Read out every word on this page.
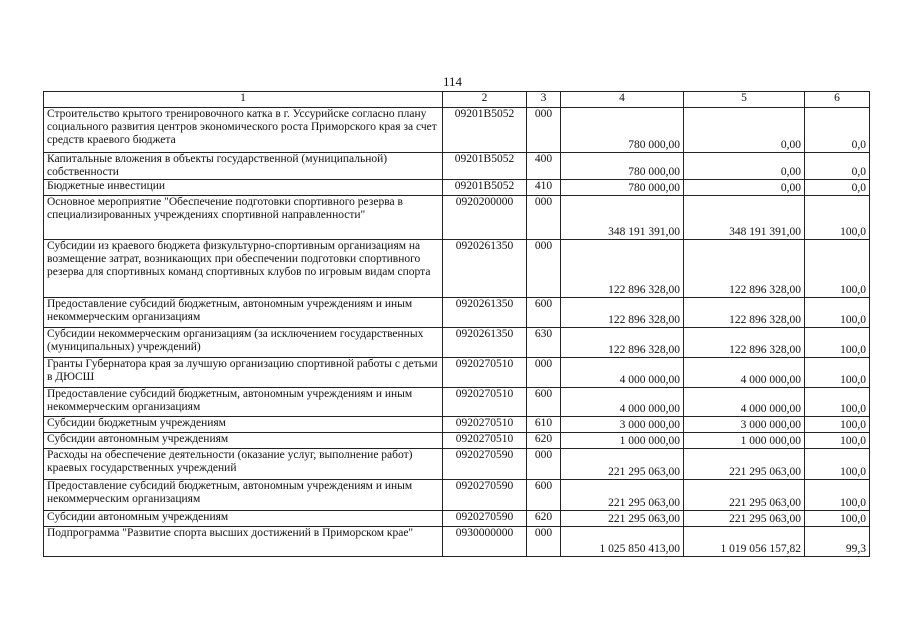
114
1	2	3	4	5	6
Строительство крытого тренировочного катка в г. Уссурийске согласно плану социального развития центров экономического роста Приморского края за счет средств краевого бюджета	09201B5052	000	780 000,00	0,00	0,0
Капитальные вложения в объекты государственной (муниципальной) собственности	09201B5052	400	780 000,00	0,00	0,0
Бюджетные инвестиции	09201B5052	410	780 000,00	0,00	0,0
Основное мероприятие "Обеспечение подготовки спортивного резерва в специализированных учреждениях спортивной направленности"	0920200000	000	348 191 391,00	348 191 391,00	100,0
Субсидии из краевого бюджета физкультурно-спортивным организациям на возмещение затрат, возникающих при обеспечении подготовки спортивного резерва для спортивных команд спортивных клубов по игровым видам спорта	0920261350	000	122 896 328,00	122 896 328,00	100,0
Предоставление субсидий бюджетным, автономным учреждениям и иным некоммерческим организациям	0920261350	600	122 896 328,00	122 896 328,00	100,0
Субсидии некоммерческим организациям (за исключением государственных (муниципальных) учреждений)	0920261350	630	122 896 328,00	122 896 328,00	100,0
Гранты Губернатора края за лучшую организацию спортивной работы с детьми в ДЮСШ	0920270510	000	4 000 000,00	4 000 000,00	100,0
Предоставление субсидий бюджетным, автономным учреждениям и иным некоммерческим организациям	0920270510	600	4 000 000,00	4 000 000,00	100,0
Субсидии бюджетным учреждениям	0920270510	610	3 000 000,00	3 000 000,00	100,0
Субсидии автономным учреждениям	0920270510	620	1 000 000,00	1 000 000,00	100,0
Расходы на обеспечение деятельности (оказание услуг, выполнение работ) краевых государственных учреждений	0920270590	000	221 295 063,00	221 295 063,00	100,0
Предоставление субсидий бюджетным, автономным учреждениям и иным некоммерческим организациям	0920270590	600	221 295 063,00	221 295 063,00	100,0
Субсидии автономным учреждениям	0920270590	620	221 295 063,00	221 295 063,00	100,0
Подпрограмма "Развитие спорта высших достижений в Приморском крае"	0930000000	000	1 025 850 413,00	1 019 056 157,82	99,3
